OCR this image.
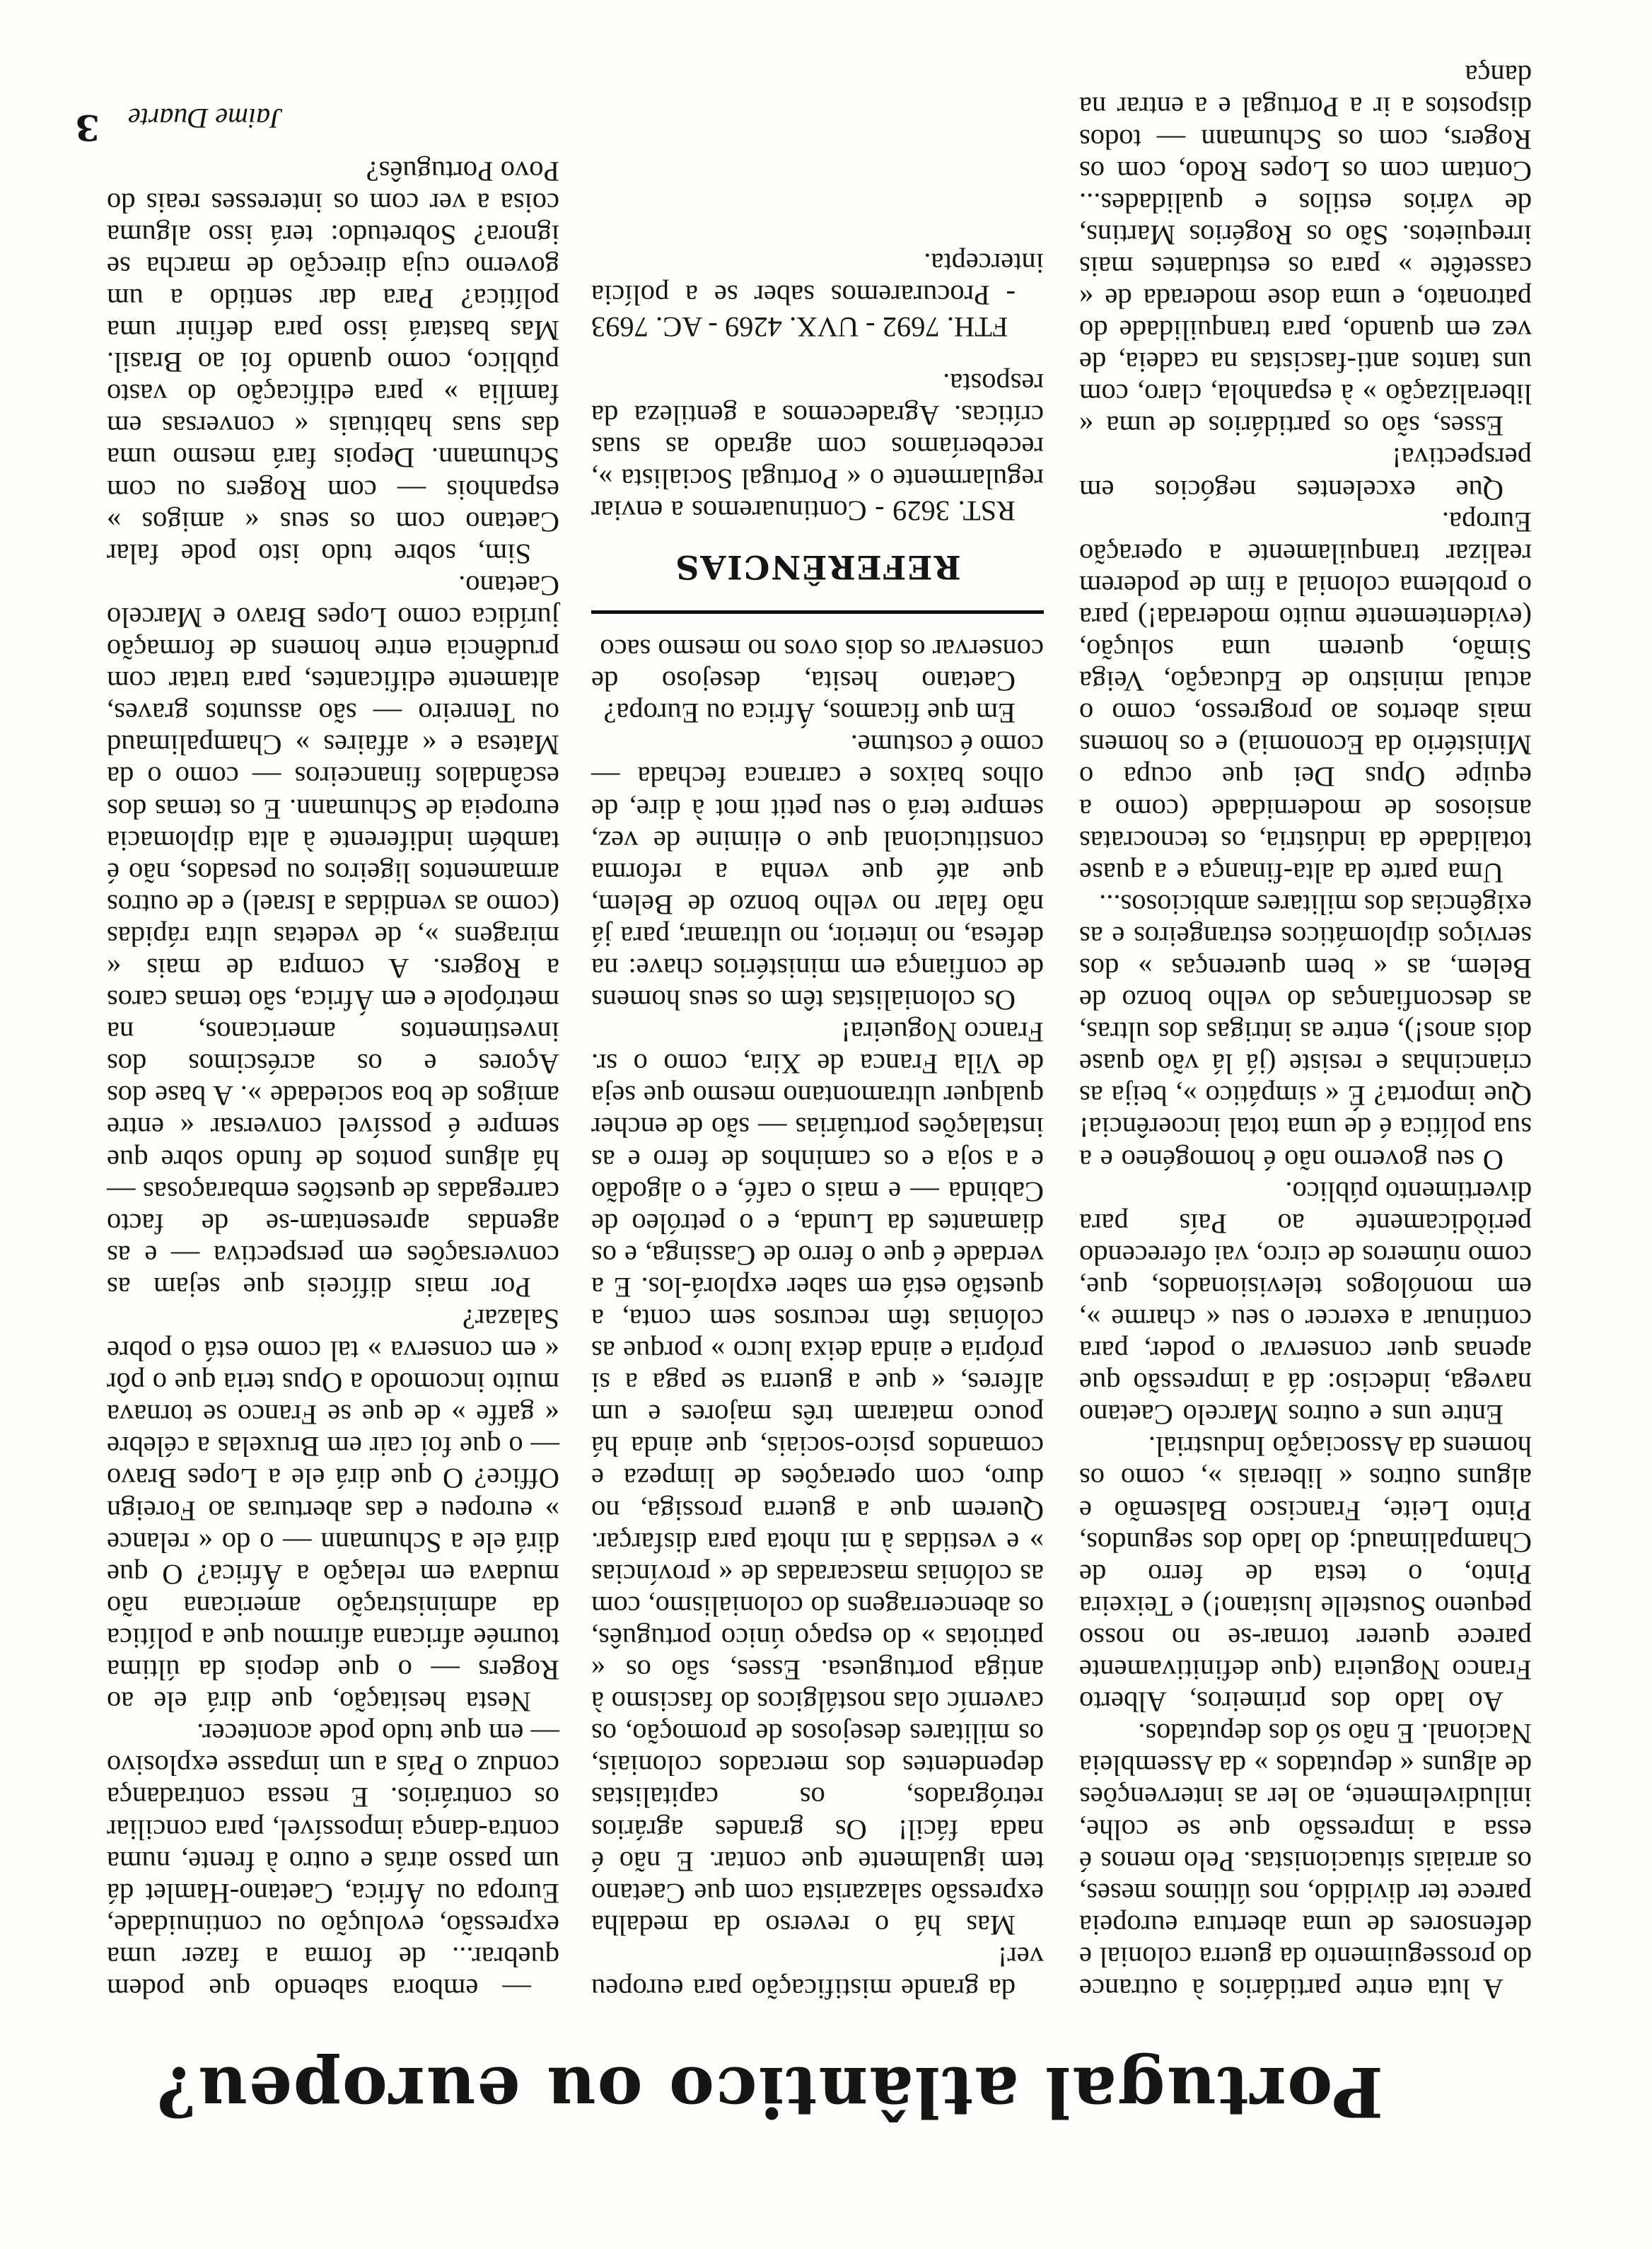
Portugal atlântico ou europeu?

A luta entre partidários à outrance do prosseguimento da guerra colonial e defensores de uma abertura europeia parece ter dividido, nos últimos meses, os arraiais situacionistas. Pelo menos é essa a impressão que se colhe, iniludivelmente, ao ler as intervenções de alguns « deputados » da Assembleia Nacional. E não só dos deputados.

Ao lado dos primeiros, Alberto Franco Nogueira (que definitivamente parece querer tornar-se no nosso pequeno Soustelle lusitano!) e Teixeira Pinto, o testa de ferro de Champalimaud; do lado dos segundos, Pinto Leite, Francisco Balsemão e alguns outros « liberais », como os homens da Associação Industrial.

Entre uns e outros Marcelo Caetano navega, indeciso: dá a impressão que apenas quer conservar o poder, para continuar a exercer o seu « charme », em monólogos televisionados, que, como números de circo, vai oferecendo periòdicamente ao País para divertimento público.

O seu governo não é homogéneo e a sua política é de uma total incoerência! Que importa? É « simpático », beija as criancinhas e resiste (já lá vão quase dois anos!), entre as intrigas dos ultras, as desconfianças do velho bonzo de Belem, as « bem querenças » dos serviços diplomáticos estrangeiros e as exigências dos militares ambiciosos...

Uma parte da alta-finança e a quase totalidade da indústria, os tecnocratas ansiosos de modernidade (como a equipe Opus Dei que ocupa o Ministério da Economia) e os homens mais abertos ao progresso, como o actual ministro de Educação, Veiga Simão, querem uma solução, (evidentemente muito moderada!) para o problema colonial a fim de poderem realizar tranquilamente a operação Europa.

Que excelentes negócios em perspectiva!

Esses, são os partidários de uma « liberalização » à espanhola, claro, com uns tantos anti-fascistas na cadeia, de vez em quando, para tranquilidade do patronato, e uma dose moderada de « cassetête » para os estudantes mais irrequietos. São os Rogérios Martins, de vários estilos e qualidades... Contam com os Lopes Rodo, com os Rogers, com os Schumann — todos dispostos a ir a Portugal e a entrar na dança

da grande mistificação para europeu ver!

Mas há o reverso da medalha expressão salazarista com que Caetano tem igualmente que contar. E não é nada fácil! Os grandes agrários retrógrados, os capitalistas dependentes dos mercados coloniais, os militares desejosos de promoção, os caverníc olas nostálgicos do fascismo à antiga portuguesa. Esses, são os « patriotas » do espaço único português, os abencerragens do colonialismo, com as colónias mascaradas de « províncias » e vestidas à mi nhota para disfarçar. Querem que a guerra prossiga, no duro, com operações de limpeza e comandos psico-sociais, que ainda há pouco mataram três majores e um alferes, « que a guerra se paga a si própria e ainda deixa lucro » porque as colónias têm recursos sem conta, a questão está em saber explorá-los. E a verdade é que o ferro de Cassinga, e os diamantes da Lunda, e o petróleo de Cabinda — e mais o café, e o algodão e a soja e os caminhos de ferro e as instalações portuárias — são de encher qualquer ultramontano mesmo que seja de Vila Franca de Xira, como o sr. Franco Nogueira!

Os colonialistas têm os seus homens de confiança em ministérios chave: na defesa, no interior, no ultramar, para já não falar no velho bonzo de Belem, que até que venha a reforma constitucional que o elimine de vez, sempre terá o seu petit mot à dire, de olhos baixos e carranca fechada — como é costume.

Em que ficamos, África ou Europa?

Caetano hesita, desejoso de conservar os dois ovos no mesmo saco

REFERÊNCIAS

RST. 3629 - Continuaremos a enviar regularmente o « Portugal Socialista », receberíamos com agrado as suas críticas. Agradecemos a gentileza da resposta.

FTH. 7692 - UVX. 4269 - AC. 7693

- Procuraremos saber se a polícia intercepta.

— embora sabendo que podem quebrar... de forma a fazer uma expressão, evolução ou continuidade, Europa ou África, Caetano-Hamlet dá um passo atrás e outro à frente, numa contra-dança impossível, para conciliar os contrários. E nessa contradança conduz o País a um impasse explosivo — em que tudo pode acontecer.

Nesta hesitação, que dirá ele ao Rogers — o que depois da última tournée africana afirmou que a política da administração americana não mudava em relação a África? O que dirá ele a Schumann — o do « relance » europeu e das aberturas ao Foreign Office? O que dirá ele a Lopes Bravo — o que foi cair em Bruxelas a célebre « gaffe » de que se Franco se tornava muito incomodo a Opus teria que o pôr « em conserva » tal como está o pobre Salazar?

Por mais difíceis que sejam as conversações em perspectiva — e as agendas apresentam-se de facto carregadas de questões embaraçosas — há alguns pontos de fundo sobre que sempre é possível conversar « entre amigos de boa sociedade ». A base dos Açores e os acréscimos dos investimentos americanos, na metrópole e em África, são temas caros a Rogers. A compra de mais « miragens », de vedetas ultra rápidas (como as vendidas a Israel) e de outros armamentos ligeiros ou pesados, não é também indiferente à alta diplomacia europeia de Schumann. E os temas dos escândalos financeiros — como o da Matesa e « affaires » Champalimaud ou Tenreiro — são assuntos graves, altamente edificantes, para tratar com prudência entre homens de formação jurídica como Lopes Bravo e Marcelo Caetano.

Sim, sobre tudo isto pode falar Caetano com os seus « amigos » espanhois — com Rogers ou com Schumann. Depois fará mesmo uma das suas habituais « conversas em família » para edificação do vasto público, como quando foi ao Brasil. Mas bastará isso para definir uma política? Para dar sentido a um governo cuja direcção de marcha se ignora? Sobretudo: terá isso alguma coisa a ver com os interesses reais do Povo Português?

Jaime Duarte
3
